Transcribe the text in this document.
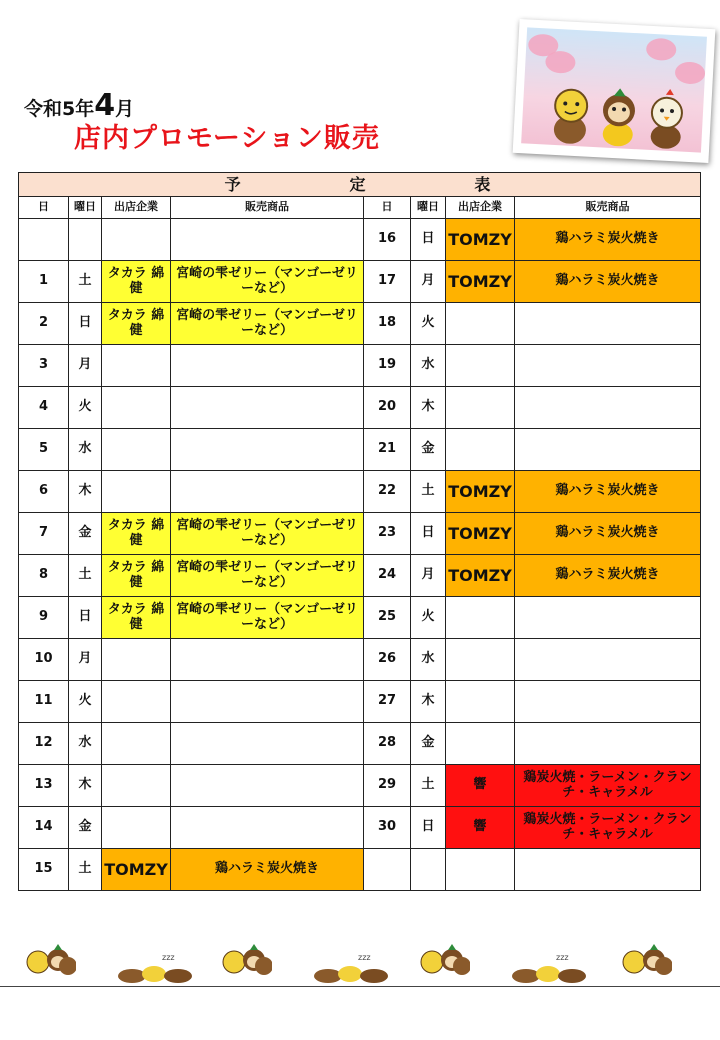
令和5年4月
店内プロモーション販売
予 定 表							

日	曜日	出店企業	販売商品	日	曜日	出店企業	販売商品
				16	日	TOMZY	鶏ハラミ炭火焼き
1	土	タカラ 綿健	宮崎の雫ゼリー（マンゴーゼリーなど）	17	月	TOMZY	鶏ハラミ炭火焼き
2	日	タカラ 綿健	宮崎の雫ゼリー（マンゴーゼリーなど）	18	火		
3	月			19	水		
4	火			20	木		
5	水			21	金		
6	木			22	土	TOMZY	鶏ハラミ炭火焼き
7	金	タカラ 綿健	宮崎の雫ゼリー（マンゴーゼリーなど）	23	日	TOMZY	鶏ハラミ炭火焼き
8	土	タカラ 綿健	宮崎の雫ゼリー（マンゴーゼリーなど）	24	月	TOMZY	鶏ハラミ炭火焼き
9	日	タカラ 綿健	宮崎の雫ゼリー（マンゴーゼリーなど）	25	火		
10	月			26	水		
11	火			27	木		
12	水			28	金		
13	木			29	土	響	鶏炭火焼・ラーメン・クランチ・キャラメル
14	金			30	日	響	鶏炭火焼・ラーメン・クランチ・キャラメル
15	土	TOMZY	鶏ハラミ炭火焼き				
zzz	zzz	zzz
